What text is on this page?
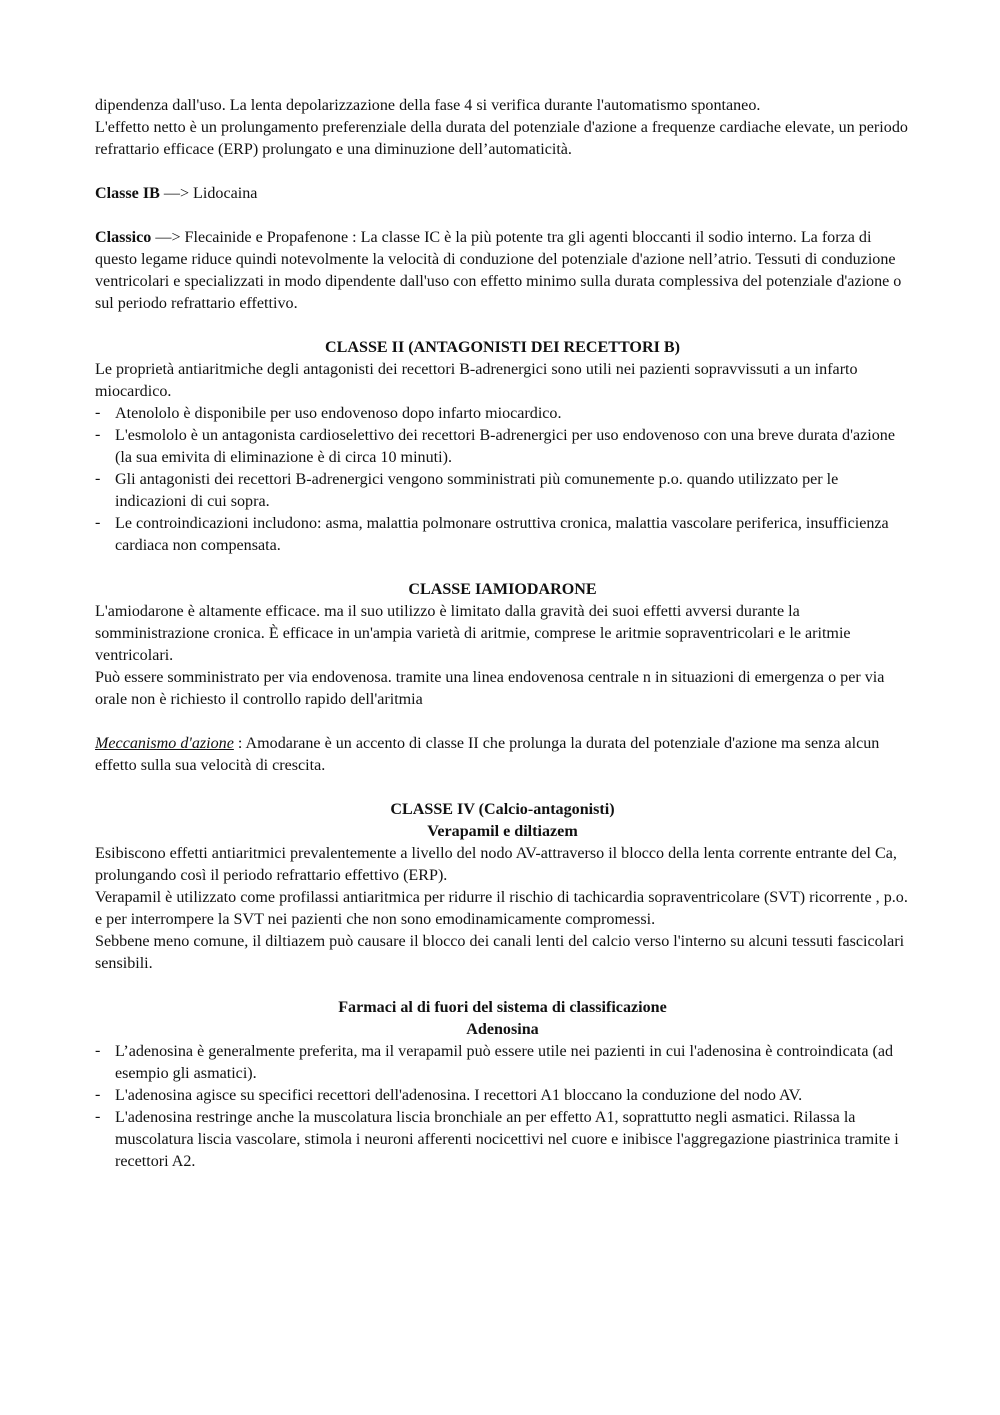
dipendenza dall'uso. La lenta depolarizzazione della fase 4 si verifica durante l'automatismo spontaneo.

L'effetto netto è un prolungamento preferenziale della durata del potenziale d'azione a frequenze cardiache elevate, un periodo refrattario efficace (ERP) prolungato e una diminuzione dell’automaticità.

Classe IB —> Lidocaina

Classico —> Flecainide e Propafenone : La classe IC è la più potente tra gli agenti bloccanti il sodio interno. La forza di questo legame riduce quindi notevolmente la velocità di conduzione del potenziale d'azione nell’atrio. Tessuti di conduzione ventricolari e specializzati in modo dipendente dall'uso con effetto minimo sulla durata complessiva del potenziale d'azione o sul periodo refrattario effettivo.

CLASSE II (ANTAGONISTI DEI RECETTORI B)

Le proprietà antiaritmiche degli antagonisti dei recettori B-adrenergici sono utili nei pazienti sopravvissuti a un infarto miocardico.

- Atenololo è disponibile per uso endovenoso dopo infarto miocardico.
- L'esmololo è un antagonista cardioselettivo dei recettori B-adrenergici per uso endovenoso con una breve durata d'azione (la sua emivita di eliminazione è di circa 10 minuti).
- Gli antagonisti dei recettori B-adrenergici vengono somministrati più comunemente p.o. quando utilizzato per le indicazioni di cui sopra.
- Le controindicazioni includono: asma, malattia polmonare ostruttiva cronica, malattia vascolare periferica, insufficienza cardiaca non compensata.

CLASSE IAMIODARONE

L'amiodarone è altamente efficace. ma il suo utilizzo è limitato dalla gravità dei suoi effetti avversi durante la somministrazione cronica. È efficace in un'ampia varietà di aritmie, comprese le aritmie sopraventricolari e le aritmie ventricolari.

Può essere somministrato per via endovenosa. tramite una linea endovenosa centrale n in situazioni di emergenza o per via orale non è richiesto il controllo rapido dell'aritmia

Meccanismo d'azione : Amodarane è un accento di classe II che prolunga la durata del potenziale d'azione ma senza alcun effetto sulla sua velocità di crescita.

CLASSE IV (Calcio-antagonisti)

Verapamil e diltiazem

Esibiscono effetti antiaritmici prevalentemente a livello del nodo AV-attraverso il blocco della lenta corrente entrante del Ca, prolungando così il periodo refrattario effettivo (ERP).

Verapamil è utilizzato come profilassi antiaritmica per ridurre il rischio di tachicardia sopraventricolare (SVT) ricorrente , p.o. e per interrompere la SVT nei pazienti che non sono emodinamicamente compromessi.

Sebbene meno comune, il diltiazem può causare il blocco dei canali lenti del calcio verso l'interno su alcuni tessuti fascicolari sensibili.

Farmaci al di fuori del sistema di classificazione

Adenosina

- L’adenosina è generalmente preferita, ma il verapamil può essere utile nei pazienti in cui l'adenosina è controindicata (ad esempio gli asmatici).
- L'adenosina agisce su specifici recettori dell'adenosina. I recettori A1 bloccano la conduzione del nodo AV.
- L'adenosina restringe anche la muscolatura liscia bronchiale an per effetto A1, soprattutto negli asmatici. Rilassa la muscolatura liscia vascolare, stimola i neuroni afferenti nocicettivi nel cuore e inibisce l'aggregazione piastrinica tramite i recettori A2.
